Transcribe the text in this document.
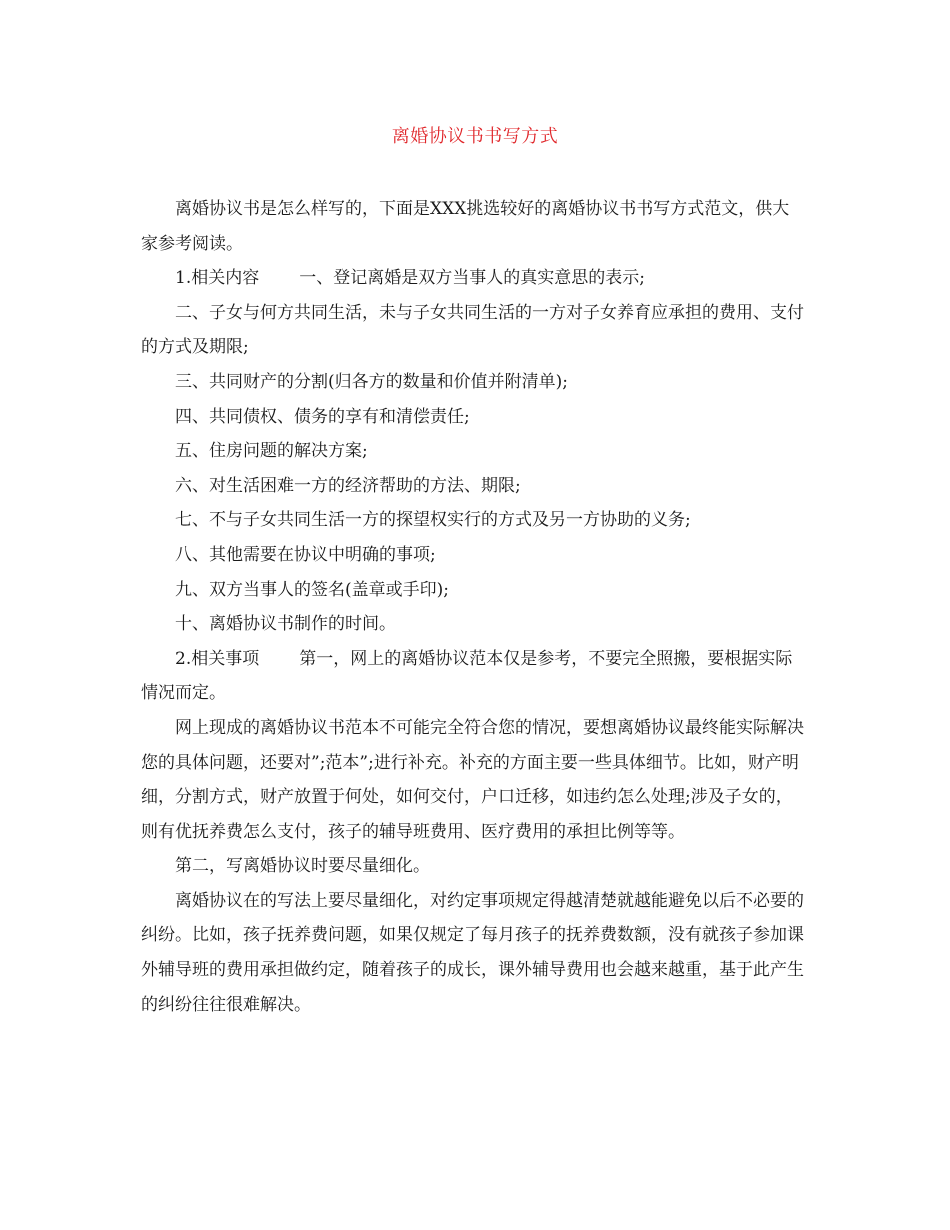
离婚协议书书写方式

离婚协议书是怎么样写的，下面是XXX挑选较好的离婚协议书书写方式范文，供大家参考阅读。

1.相关内容 一、登记离婚是双方当事人的真实意思的表示;

二、子女与何方共同生活，未与子女共同生活的一方对子女养育应承担的费用、支付的方式及期限;

三、共同财产的分割(归各方的数量和价值并附清单);

四、共同债权、债务的享有和清偿责任;

五、住房问题的解决方案;

六、对生活困难一方的经济帮助的方法、期限;

七、不与子女共同生活一方的探望权实行的方式及另一方协助的义务;

八、其他需要在协议中明确的事项;

九、双方当事人的签名(盖章或手印);

十、离婚协议书制作的时间。

2.相关事项 第一，网上的离婚协议范本仅是参考，不要完全照搬，要根据实际情况而定。

网上现成的离婚协议书范本不可能完全符合您的情况，要想离婚协议最终能实际解决您的具体问题，还要对”;范本”;进行补充。补充的方面主要一些具体细节。比如，财产明细，分割方式，财产放置于何处，如何交付，户口迁移，如违约怎么处理;涉及子女的，则有优抚养费怎么支付，孩子的辅导班费用、医疗费用的承担比例等等。

第二，写离婚协议时要尽量细化。

离婚协议在的写法上要尽量细化，对约定事项规定得越清楚就越能避免以后不必要的纠纷。比如，孩子抚养费问题，如果仅规定了每月孩子的抚养费数额，没有就孩子参加课外辅导班的费用承担做约定，随着孩子的成长，课外辅导费用也会越来越重，基于此产生的纠纷往往很难解决。
